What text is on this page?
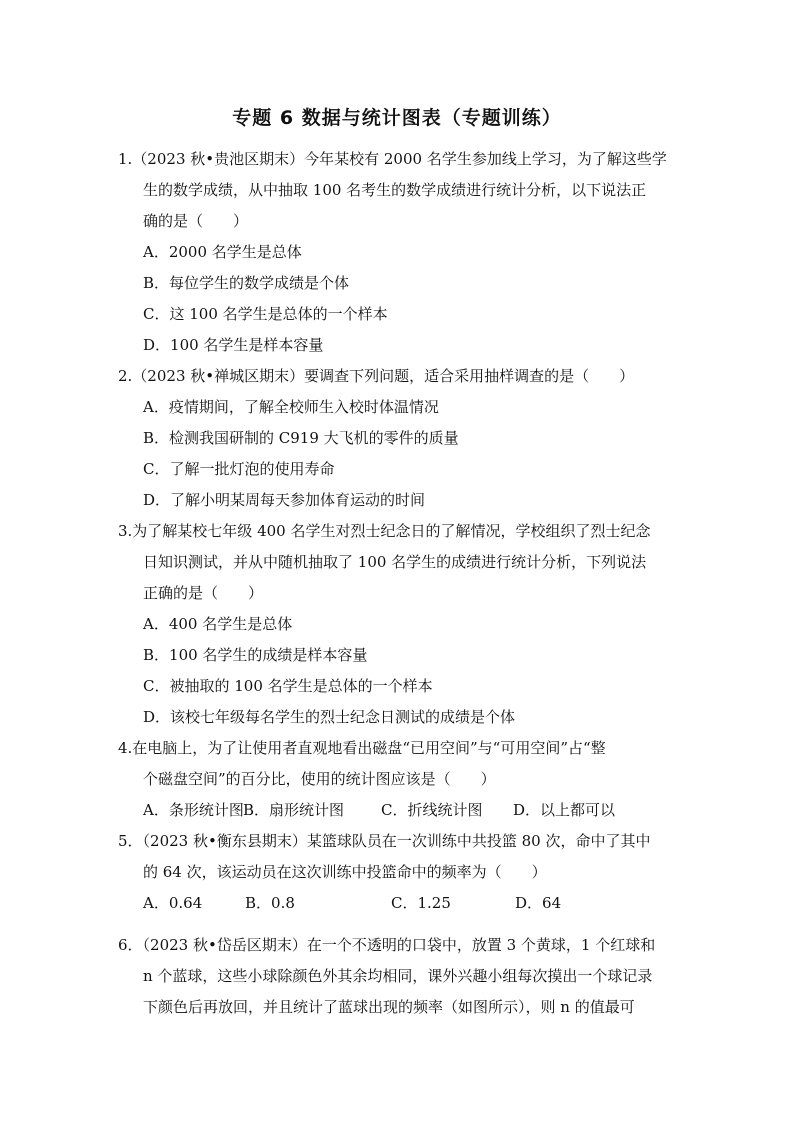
专题 6 数据与统计图表（专题训练）
1.（2023 秋•贵池区期末）今年某校有 2000 名学生参加线上学习，为了解这些学
生的数学成绩，从中抽取 100 名考生的数学成绩进行统计分析，以下说法正
确的是（　　）
A．2000 名学生是总体
B．每位学生的数学成绩是个体
C．这 100 名学生是总体的一个样本
D．100 名学生是样本容量
2.（2023 秋•禅城区期末）要调查下列问题，适合采用抽样调查的是（　　）
A．疫情期间，了解全校师生入校时体温情况
B．检测我国研制的 C919 大飞机的零件的质量
C．了解一批灯泡的使用寿命
D．了解小明某周每天参加体育运动的时间
3.为了解某校七年级 400 名学生对烈士纪念日的了解情况，学校组织了烈士纪念
日知识测试，并从中随机抽取了 100 名学生的成绩进行统计分析，下列说法
正确的是（　　）
A．400 名学生是总体
B．100 名学生的成绩是样本容量
C．被抽取的 100 名学生是总体的一个样本
D．该校七年级每名学生的烈士纪念日测试的成绩是个体
4.在电脑上，为了让使用者直观地看出磁盘“已用空间”与“可用空间”占“整
个磁盘空间”的百分比，使用的统计图应该是（　　）
A．条形统计图 B．扇形统计图	C．折线统计图	D．以上都可以
5．（2023 秋•衡东县期末）某篮球队员在一次训练中共投篮 80 次，命中了其中
的 64 次，该运动员在这次训练中投篮命中的频率为（　　）
A．0.64	B．0.8	C．1.25	D．64
6．（2023 秋•岱岳区期末）在一个不透明的口袋中，放置 3 个黄球，1 个红球和
n 个蓝球，这些小球除颜色外其余均相同，课外兴趣小组每次摸出一个球记录
下颜色后再放回，并且统计了蓝球出现的频率（如图所示），则 n 的值最可
